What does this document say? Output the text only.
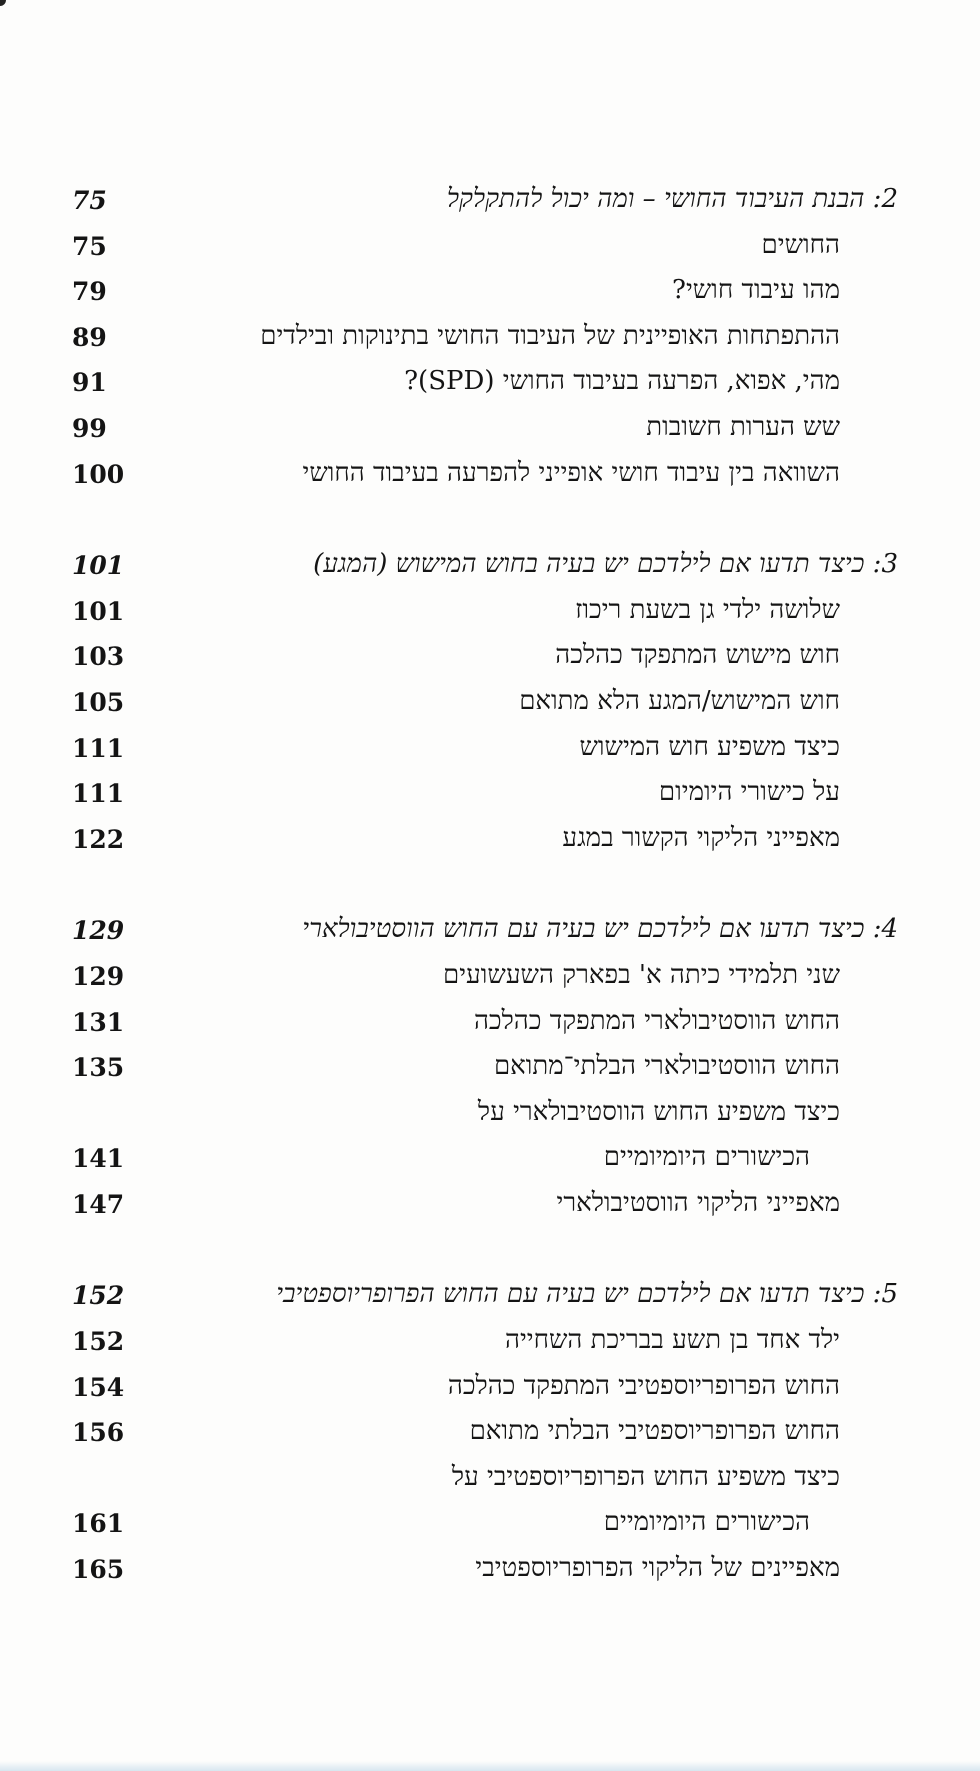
2: הבנת העיבוד החושי – ומה יכול להתקלקל
75
החושים
75
מהו עיבוד חושי?
79
ההתפתחות האופיינית של העיבוד החושי בתינוקות ובילדים
89
מהי, אפוא, הפרעה בעיבוד החושי (SPD)?
91
שש הערות חשובות
99
השוואה בין עיבוד חושי אופייני להפרעה בעיבוד החושי
100
3: כיצד תדעו אם לילדכם יש בעיה בחוש המישוש (המגע)
101
שלושה ילדי גן בשעת ריכוז
101
חוש מישוש המתפקד כהלכה
103
חוש המישוש/המגע הלא מתואם
105
כיצד משפיע חוש המישוש
111
על כישורי היומיום
111
מאפייני הליקוי הקשור במגע
122
4: כיצד תדעו אם לילדכם יש בעיה עם החוש הווסטיבולארי
129
שני תלמידי כיתה א' בפארק השעשועים
129
החוש הווסטיבולארי המתפקד כהלכה
131
החוש הווסטיבולארי הבלתי־מתואם
135
כיצד משפיע החוש הווסטיבולארי על
הכישורים היומיומיים
141
מאפייני הליקוי הווסטיבולארי
147
5: כיצד תדעו אם לילדכם יש בעיה עם החוש הפרופריוספטיבי
152
ילד אחד בן תשע בבריכת השחייה
152
החוש הפרופריוספטיבי המתפקד כהלכה
154
החוש הפרופריוספטיבי הבלתי מתואם
156
כיצד משפיע החוש הפרופריוספטיבי על
הכישורים היומיומיים
161
מאפיינים של הליקוי הפרופריוספטיבי
165
